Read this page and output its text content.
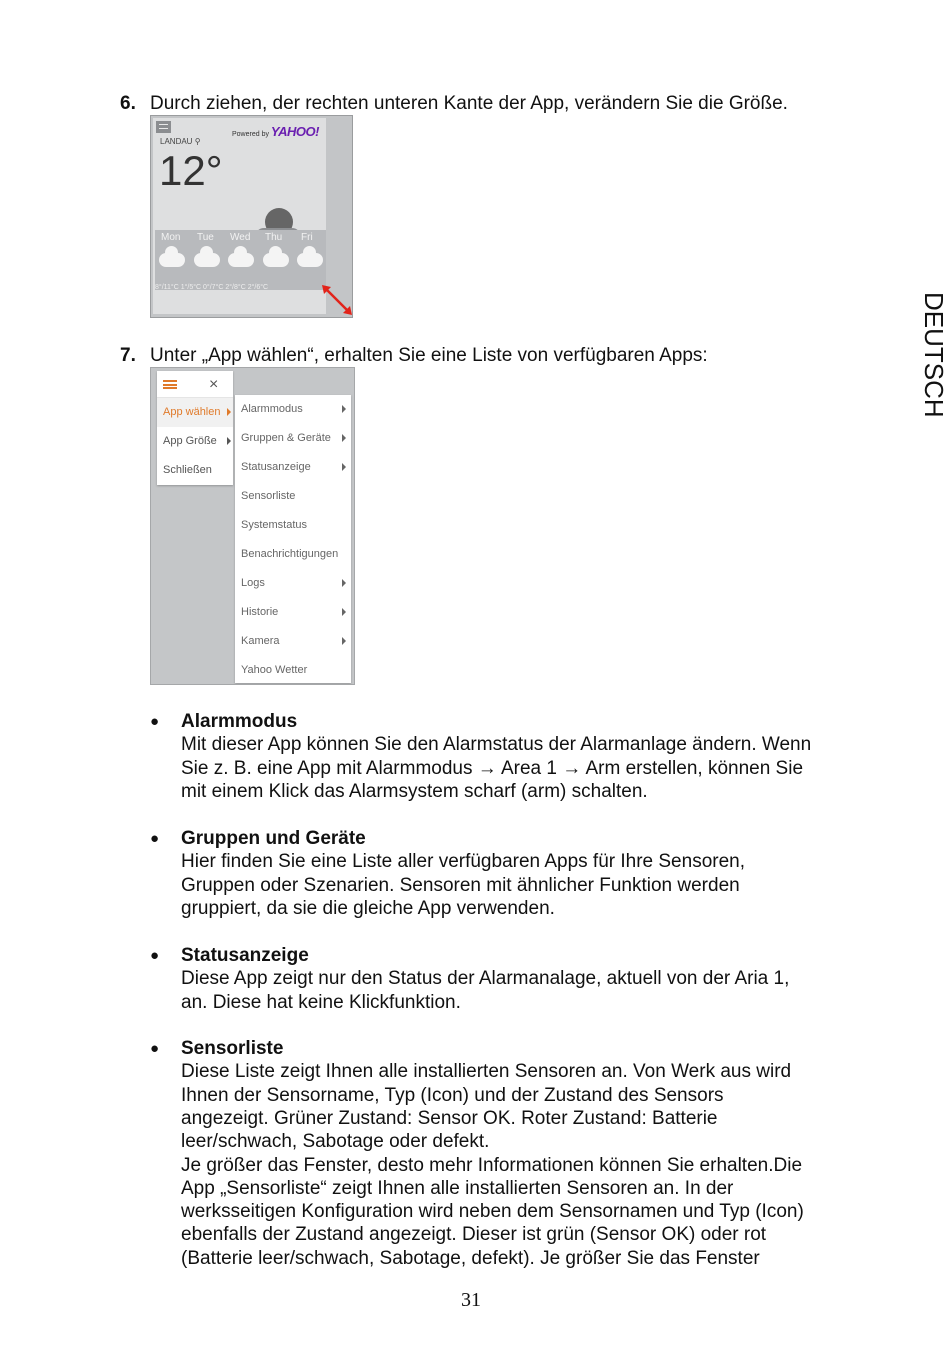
DEUTSCH
6. Durch ziehen, der rechten unteren Kante der App, verändern Sie die Größe.
Powered by YAHOO!
LANDAU ⚲
12°
Mon Tue Wed Thu Fri
8°/11°C 1°/5°C 0°/7°C 2°/8°C 2°/6°C
7. Unter „App wählen“, erhalten Sie eine Liste von verfügbaren Apps:
×
App wählen
App Größe
Schließen
Alarmmodus
Gruppen & Geräte
Statusanzeige
Sensorliste
Systemstatus
Benachrichtigungen
Logs
Historie
Kamera
Yahoo Wetter
● Alarmmodus
Mit dieser App können Sie den Alarmstatus der Alarmanlage ändern. Wenn
Sie z. B. eine App mit Alarmmodus → Area 1 → Arm erstellen, können Sie
mit einem Klick das Alarmsystem scharf (arm) schalten.
● Gruppen und Geräte
Hier finden Sie eine Liste aller verfügbaren Apps für Ihre Sensoren,
Gruppen oder Szenarien. Sensoren mit ähnlicher Funktion werden
gruppiert, da sie die gleiche App verwenden.
● Statusanzeige
Diese App zeigt nur den Status der Alarmanalage, aktuell von der Aria 1,
an. Diese hat keine Klickfunktion.
● Sensorliste
Diese Liste zeigt Ihnen alle installierten Sensoren an. Von Werk aus wird
Ihnen der Sensorname, Typ (Icon) und der Zustand des Sensors
angezeigt. Grüner Zustand: Sensor OK. Roter Zustand: Batterie
leer/schwach, Sabotage oder defekt.
Je größer das Fenster, desto mehr Informationen können Sie erhalten.Die
App „Sensorliste“ zeigt Ihnen alle installierten Sensoren an. In der
werksseitigen Konfiguration wird neben dem Sensornamen und Typ (Icon)
ebenfalls der Zustand angezeigt. Dieser ist grün (Sensor OK) oder rot
(Batterie leer/schwach, Sabotage, defekt). Je größer Sie das Fenster
31
